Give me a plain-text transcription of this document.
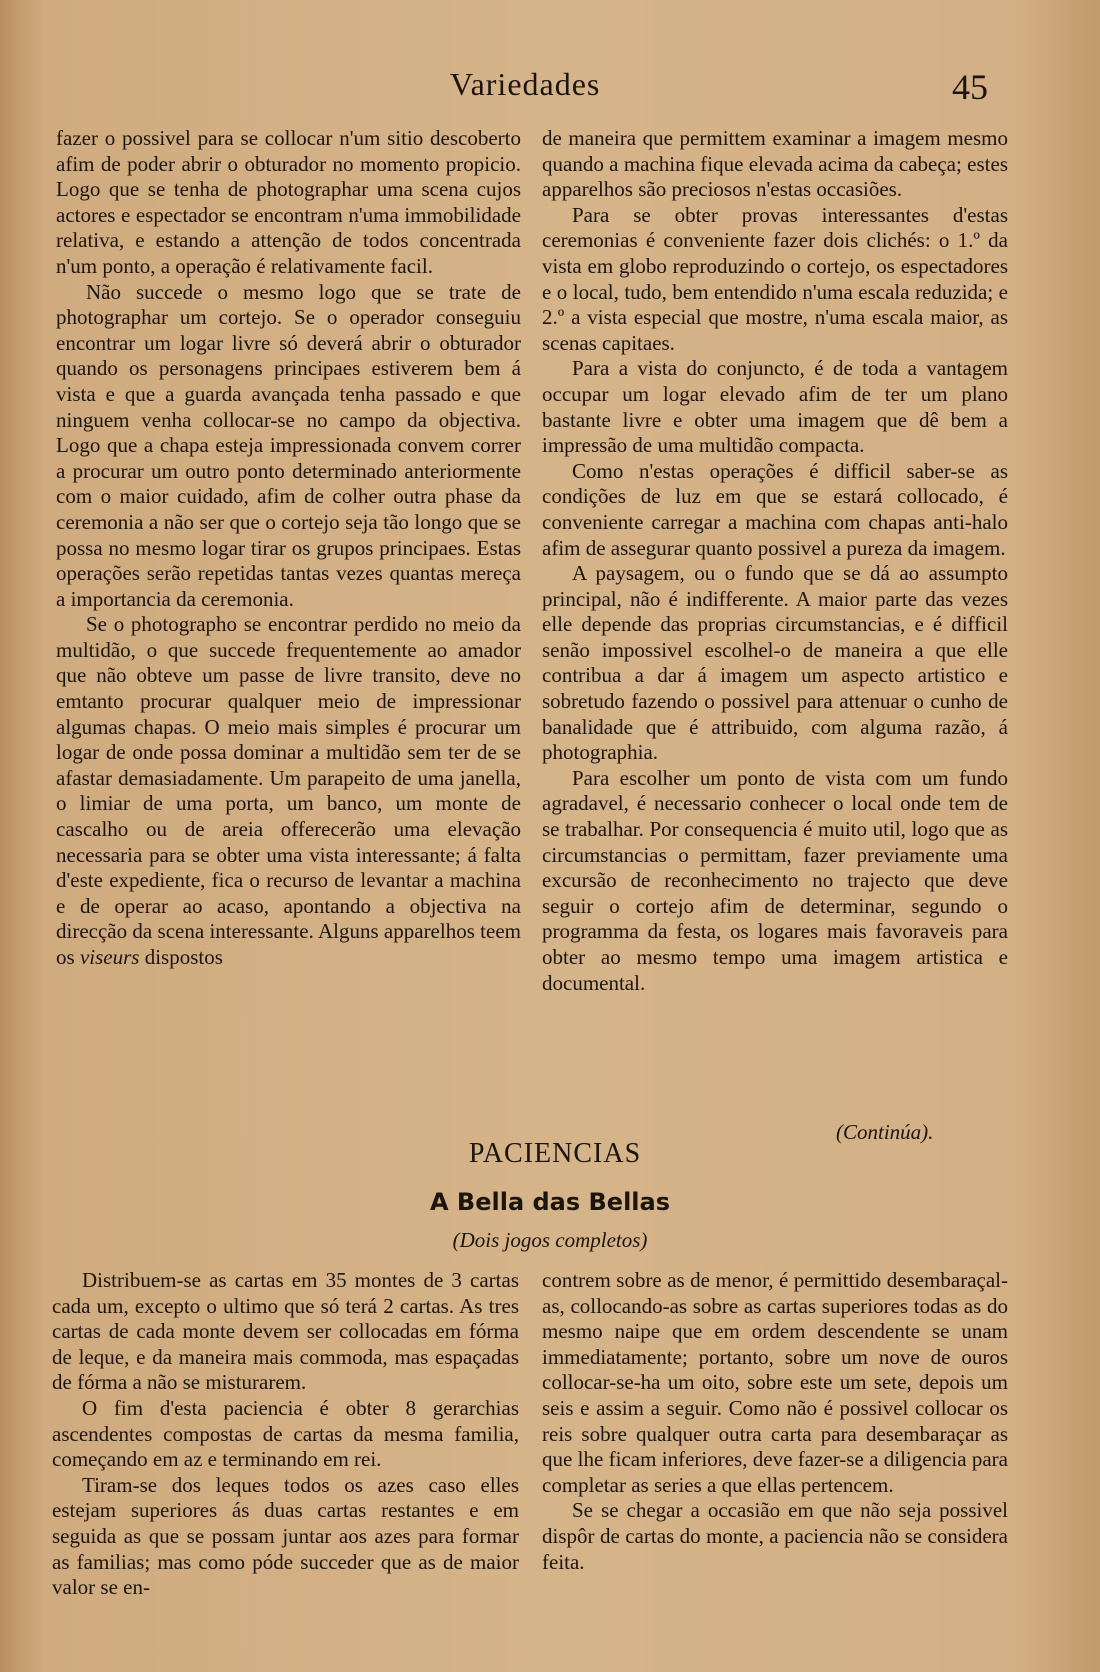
Variedades	45

fazer o possivel para se collocar n'um sitio descoberto afim de poder abrir o obturador no momento propicio. Logo que se tenha de photographar uma scena cujos actores e espectador se encontram n'uma immobilidade relativa, e estando a attenção de todos concentrada n'um ponto, a operação é relativamente facil.

Não succede o mesmo logo que se trate de photographar um cortejo. Se o operador conseguiu encontrar um logar livre só deverá abrir o obturador quando os personagens principaes estiverem bem á vista e que a guarda avançada tenha passado e que ninguem venha collocar-se no campo da objectiva. Logo que a chapa esteja impressionada convem correr a procurar um outro ponto determinado anteriormente com o maior cuidado, afim de colher outra phase da ceremonia a não ser que o cortejo seja tão longo que se possa no mesmo logar tirar os grupos principaes. Estas operações serão repetidas tantas vezes quantas mereça a importancia da ceremonia.

Se o photographo se encontrar perdido no meio da multidão, o que succede frequentemente ao amador que não obteve um passe de livre transito, deve no emtanto procurar qualquer meio de impressionar algumas chapas. O meio mais simples é procurar um logar de onde possa dominar a multidão sem ter de se afastar demasiadamente. Um parapeito de uma janella, o limiar de uma porta, um banco, um monte de cascalho ou de areia offerecerão uma elevação necessaria para se obter uma vista interessante; á falta d'este expediente, fica o recurso de levantar a machina e de operar ao acaso, apontando a objectiva na direcção da scena interessante. Alguns apparelhos teem os viseurs dispostos

de maneira que permittem examinar a imagem mesmo quando a machina fique elevada acima da cabeça; estes apparelhos são preciosos n'estas occasiões.

Para se obter provas interessantes d'estas ceremonias é conveniente fazer dois clichés: o 1.º da vista em globo reproduzindo o cortejo, os espectadores e o local, tudo, bem entendido n'uma escala reduzida; e 2.º a vista especial que mostre, n'uma escala maior, as scenas capitaes.

Para a vista do conjuncto, é de toda a vantagem occupar um logar elevado afim de ter um plano bastante livre e obter uma imagem que dê bem a impressão de uma multidão compacta.

Como n'estas operações é difficil saber-se as condições de luz em que se estará collocado, é conveniente carregar a machina com chapas anti-halo afim de assegurar quanto possivel a pureza da imagem.

A paysagem, ou o fundo que se dá ao assumpto principal, não é indifferente. A maior parte das vezes elle depende das proprias circumstancias, e é difficil senão impossivel escolhel-o de maneira a que elle contribua a dar á imagem um aspecto artistico e sobretudo fazendo o possivel para attenuar o cunho de banalidade que é attribuido, com alguma razão, á photographia.

Para escolher um ponto de vista com um fundo agradavel, é necessario conhecer o local onde tem de se trabalhar. Por consequencia é muito util, logo que as circumstancias o permittam, fazer previamente uma excursão de reconhecimento no trajecto que deve seguir o cortejo afim de determinar, segundo o programma da festa, os logares mais favoraveis para obter ao mesmo tempo uma imagem artistica e documental.

(Continúa).
PACIENCIAS
A Bella das Bellas
(Dois jogos completos)

Distribuem-se as cartas em 35 montes de 3 cartas cada um, excepto o ultimo que só terá 2 cartas. As tres cartas de cada monte devem ser collocadas em fórma de leque, e da maneira mais commoda, mas espaçadas de fórma a não se misturarem.

O fim d'esta paciencia é obter 8 gerarchias ascendentes compostas de cartas da mesma familia, começando em az e terminando em rei.

Tiram-se dos leques todos os azes caso elles estejam superiores ás duas cartas restantes e em seguida as que se possam juntar aos azes para formar as familias; mas como póde succeder que as de maior valor se en-

contrem sobre as de menor, é permittido desembaraçal-as, collocando-as sobre as cartas superiores todas as do mesmo naipe que em ordem descendente se unam immediatamente; portanto, sobre um nove de ouros collocar-se-ha um oito, sobre este um sete, depois um seis e assim a seguir. Como não é possivel collocar os reis sobre qualquer outra carta para desembaraçar as que lhe ficam inferiores, deve fazer-se a diligencia para completar as series a que ellas pertencem.

Se se chegar a occasião em que não seja possivel dispôr de cartas do monte, a paciencia não se considera feita.
